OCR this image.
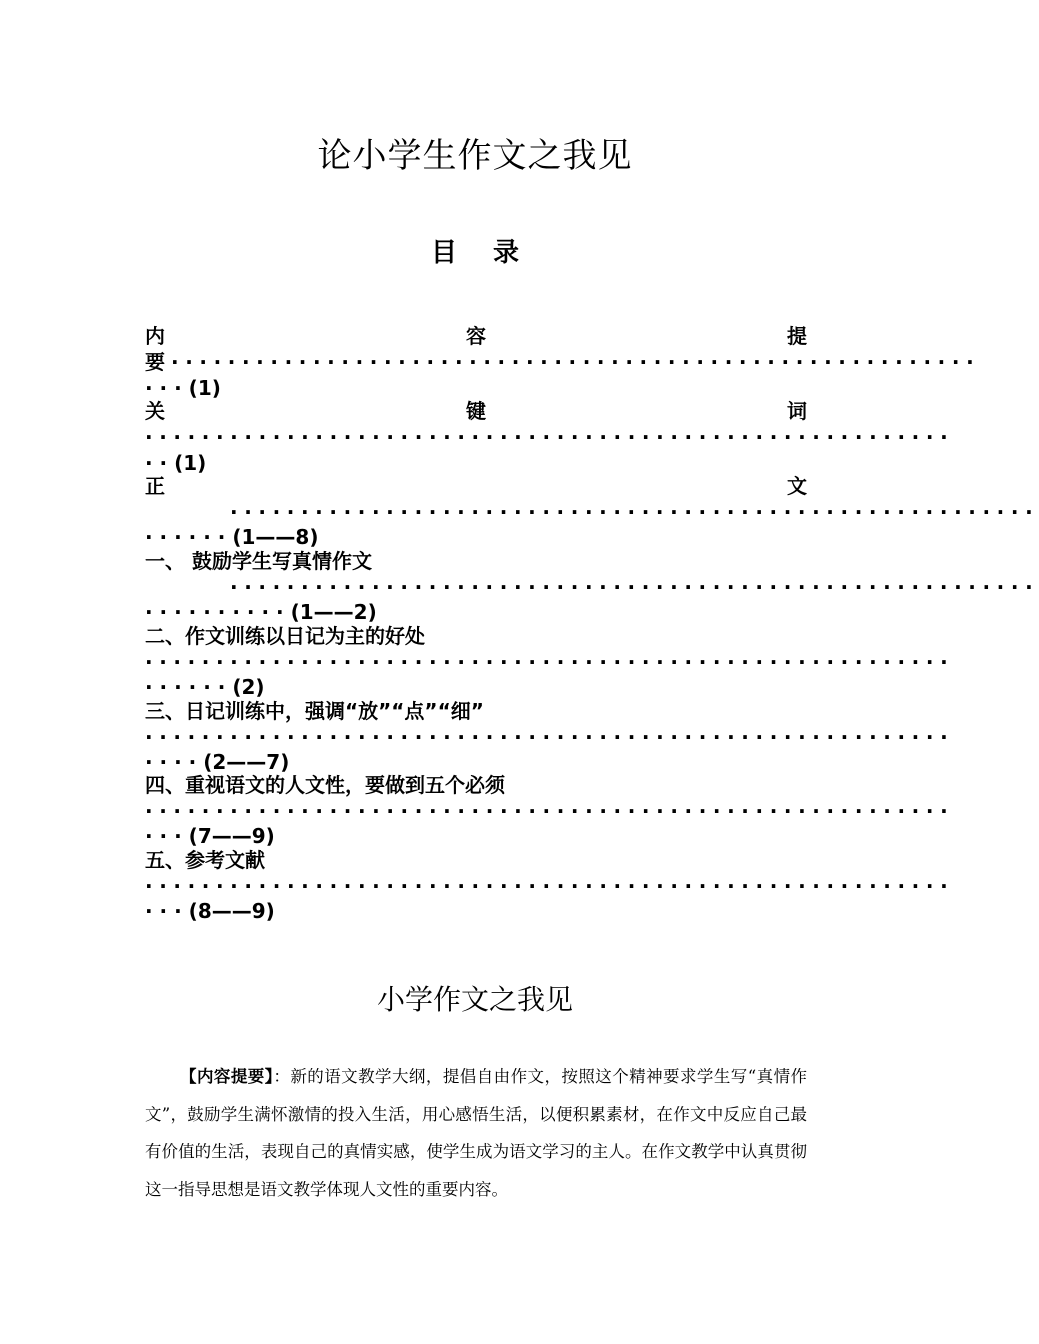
论小学生作文之我见
目 录
内	容	提
要 ·························································
· · · (1)
关	键	词
·························································
· · (1)
正	文
·························································
· · · · · · (1——8)
一、 鼓励学生写真情作文
·························································
· · · · · · · · · · (1——2)
二、作文训练以日记为主的好处
·························································
· · · · · · (2)
三、日记训练中，强调“放”“点”“细”
·························································
· · · · (2——7)
四、重视语文的人文性，要做到五个必须
·························································
· · · (7——9)
五、参考文献
·························································
· · · (8——9)
小学作文之我见

【内容提要】：新的语文教学大纲，提倡自由作文，按照这个精神要求学生写“真情作文”，鼓励学生满怀激情的投入生活，用心感悟生活，以便积累素材，在作文中反应自己最有价值的生活，表现自己的真情实感，使学生成为语文学习的主人。在作文教学中认真贯彻这一指导思想是语文教学体现人文性的重要内容。
